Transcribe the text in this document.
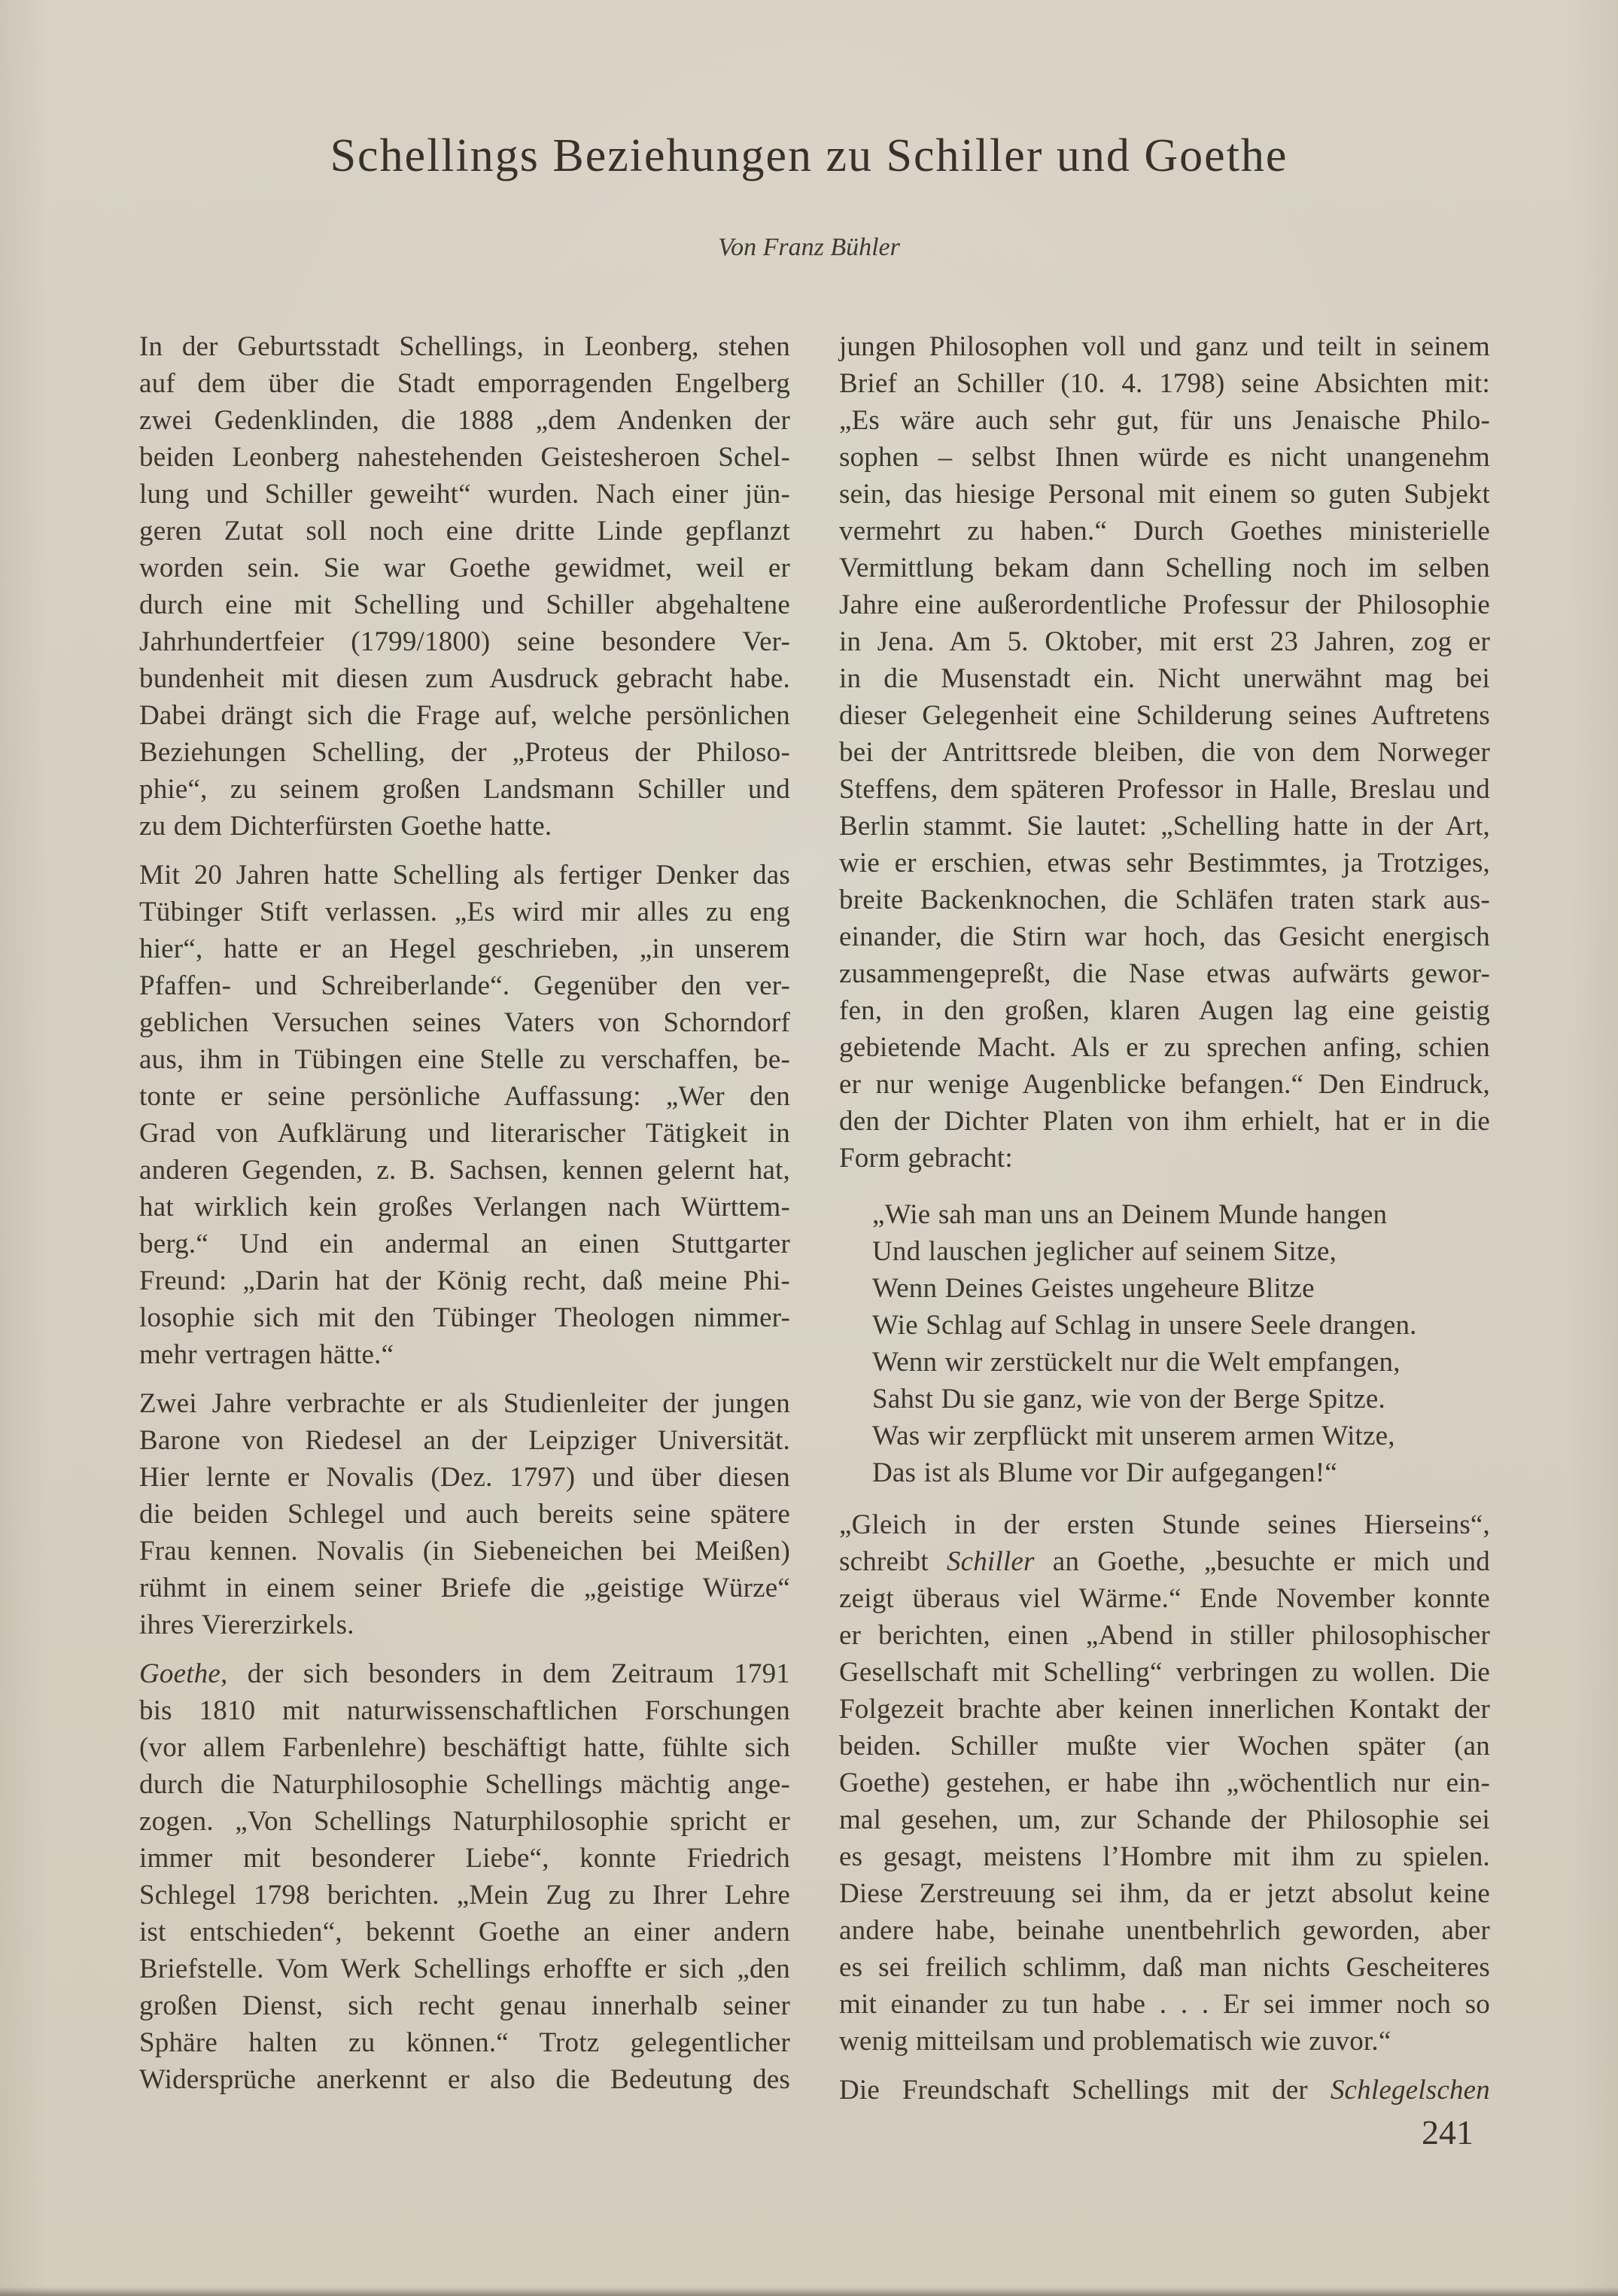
Schellings Beziehungen zu Schiller und Goethe
Von Franz Bühler
In der Geburtsstadt Schellings, in Leonberg, stehen
auf dem über die Stadt emporragenden Engelberg
zwei Gedenklinden, die 1888 „dem Andenken der
beiden Leonberg nahestehenden Geistesheroen Schel-
lung und Schiller geweiht“ wurden. Nach einer jün-
geren Zutat soll noch eine dritte Linde gepflanzt
worden sein. Sie war Goethe gewidmet, weil er
durch eine mit Schelling und Schiller abgehaltene
Jahrhundertfeier (1799/1800) seine besondere Ver-
bundenheit mit diesen zum Ausdruck gebracht habe.
Dabei drängt sich die Frage auf, welche persönlichen
Beziehungen Schelling, der „Proteus der Philoso-
phie“, zu seinem großen Landsmann Schiller und
zu dem Dichterfürsten Goethe hatte.
Mit 20 Jahren hatte Schelling als fertiger Denker das
Tübinger Stift verlassen. „Es wird mir alles zu eng
hier“, hatte er an Hegel geschrieben, „in unserem
Pfaffen- und Schreiberlande“. Gegenüber den ver-
geblichen Versuchen seines Vaters von Schorndorf
aus, ihm in Tübingen eine Stelle zu verschaffen, be-
tonte er seine persönliche Auffassung: „Wer den
Grad von Aufklärung und literarischer Tätigkeit in
anderen Gegenden, z. B. Sachsen, kennen gelernt hat,
hat wirklich kein großes Verlangen nach Württem-
berg.“ Und ein andermal an einen Stuttgarter
Freund: „Darin hat der König recht, daß meine Phi-
losophie sich mit den Tübinger Theologen nimmer-
mehr vertragen hätte.“
Zwei Jahre verbrachte er als Studienleiter der jungen
Barone von Riedesel an der Leipziger Universität.
Hier lernte er Novalis (Dez. 1797) und über diesen
die beiden Schlegel und auch bereits seine spätere
Frau kennen. Novalis (in Siebeneichen bei Meißen)
rühmt in einem seiner Briefe die „geistige Würze“
ihres Viererzirkels.
Goethe, der sich besonders in dem Zeitraum 1791
bis 1810 mit naturwissenschaftlichen Forschungen
(vor allem Farbenlehre) beschäftigt hatte, fühlte sich
durch die Naturphilosophie Schellings mächtig ange-
zogen. „Von Schellings Naturphilosophie spricht er
immer mit besonderer Liebe“, konnte Friedrich
Schlegel 1798 berichten. „Mein Zug zu Ihrer Lehre
ist entschieden“, bekennt Goethe an einer andern
Briefstelle. Vom Werk Schellings erhoffte er sich „den
großen Dienst, sich recht genau innerhalb seiner
Sphäre halten zu können.“ Trotz gelegentlicher
Widersprüche anerkennt er also die Bedeutung des
jungen Philosophen voll und ganz und teilt in seinem
Brief an Schiller (10. 4. 1798) seine Absichten mit:
„Es wäre auch sehr gut, für uns Jenaische Philo-
sophen – selbst Ihnen würde es nicht unangenehm
sein, das hiesige Personal mit einem so guten Subjekt
vermehrt zu haben.“ Durch Goethes ministerielle
Vermittlung bekam dann Schelling noch im selben
Jahre eine außerordentliche Professur der Philosophie
in Jena. Am 5. Oktober, mit erst 23 Jahren, zog er
in die Musenstadt ein. Nicht unerwähnt mag bei
dieser Gelegenheit eine Schilderung seines Auftretens
bei der Antrittsrede bleiben, die von dem Norweger
Steffens, dem späteren Professor in Halle, Breslau und
Berlin stammt. Sie lautet: „Schelling hatte in der Art,
wie er erschien, etwas sehr Bestimmtes, ja Trotziges,
breite Backenknochen, die Schläfen traten stark aus-
einander, die Stirn war hoch, das Gesicht energisch
zusammengepreßt, die Nase etwas aufwärts gewor-
fen, in den großen, klaren Augen lag eine geistig
gebietende Macht. Als er zu sprechen anfing, schien
er nur wenige Augenblicke befangen.“ Den Eindruck,
den der Dichter Platen von ihm erhielt, hat er in die
Form gebracht:
„Wie sah man uns an Deinem Munde hangen
Und lauschen jeglicher auf seinem Sitze,
Wenn Deines Geistes ungeheure Blitze
Wie Schlag auf Schlag in unsere Seele drangen.
Wenn wir zerstückelt nur die Welt empfangen,
Sahst Du sie ganz, wie von der Berge Spitze.
Was wir zerpflückt mit unserem armen Witze,
Das ist als Blume vor Dir aufgegangen!“
„Gleich in der ersten Stunde seines Hierseins“,
schreibt Schiller an Goethe, „besuchte er mich und
zeigt überaus viel Wärme.“ Ende November konnte
er berichten, einen „Abend in stiller philosophischer
Gesellschaft mit Schelling“ verbringen zu wollen. Die
Folgezeit brachte aber keinen innerlichen Kontakt der
beiden. Schiller mußte vier Wochen später (an
Goethe) gestehen, er habe ihn „wöchentlich nur ein-
mal gesehen, um, zur Schande der Philosophie sei
es gesagt, meistens l’Hombre mit ihm zu spielen.
Diese Zerstreuung sei ihm, da er jetzt absolut keine
andere habe, beinahe unentbehrlich geworden, aber
es sei freilich schlimm, daß man nichts Gescheiteres
mit einander zu tun habe . . . Er sei immer noch so
wenig mitteilsam und problematisch wie zuvor.“
Die Freundschaft Schellings mit der Schlegelschen
241
